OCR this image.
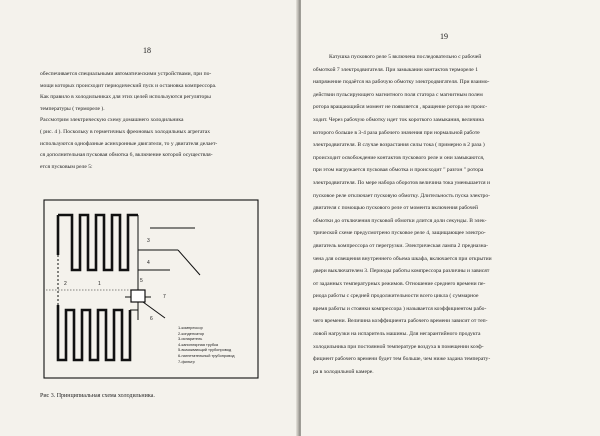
18

обеспечивается специальными автоматическими устройствами, при по-

мощи которых происходит периодический пуск и остановка компрессора.

Как правило в холодильниках для этих целей используются регуляторы

температуры ( терморелe ).

Рассмотрим электрическую схему домашнего холодильника

( рис. 4 ). Поскольку в герметичных фреоновых холодильных агрегатах

используются однофазные асинхронные двигатели, то у двигателя делает-

ся дополнительная пусковая обмотка 6, включение которой осуществля-

ется пусковым реле 5:

1
2
3
4
5
6
7
1-компрессор
2-конденсатор
3-испаритель
4-капиллярная трубка
5-всасывающий трубопровод
6-нагнетательный трубопровод
7-фильтр
Рис 3. Принципиальная схема холодильника.
19

Катушка пускового реле 5 включена последовательно с рабочей

обмоткой 7 электродвигателя. При замыкании контактов терморелe 1

напряжение подаётся на рабочую обмотку электродвигателя. При взаимо-

действии пульсирующего магнитного поля статора с магнитным полем

ротора вращающийся момент не появляется , вращение ротора не проис-

ходит. Через рабочую обмотку идет ток короткого замыкания, величина

которого больше в 3-4 раза рабочего значения при нормальной работе

электродвигателя. В случае возрастания силы тока ( примерно в 2 раза )

происходит освобождение контактов пускового реле и они замыкаются,

при этом нагружается пусковая обмотка и происходит " разгон " ротора

электродвигателя. По мере набора оборотов величина тока уменьшается и

пусковое реле отключает пусковую обмотку. Длительность пуска электро-

двигателя с помощью пускового реле от момента включения рабочей

обмотки до отключения пусковой обмотки длится доли секунды. В элек-

трической схеме предусмотрено пусковое реле 4, защищающее электро-

двигатель компрессора от перегрузки. Электрическая лампа 2 предназна-

чена для освещения внутреннего объема шкафа, включается при открытии

двери выключателем 3. Периоды работы компрессора различны и зависят

от заданных температурных режимов. Отношение среднего времени пе-

риода работы с средней продолжительности всего цикла ( суммарное

время работы и стоянки компрессора ) называется коэффициентом рабо-

чего времени. Величина коэффициента рабочего времени зависит от теп-

ловой нагрузки на испаритель машины. Для негарантийного продукта

холодильника при постоянной температуре воздуха в помещении коэф-

фициент рабочего времени будет тем больше, чем ниже задана температу-

ра в холодильной камере.
